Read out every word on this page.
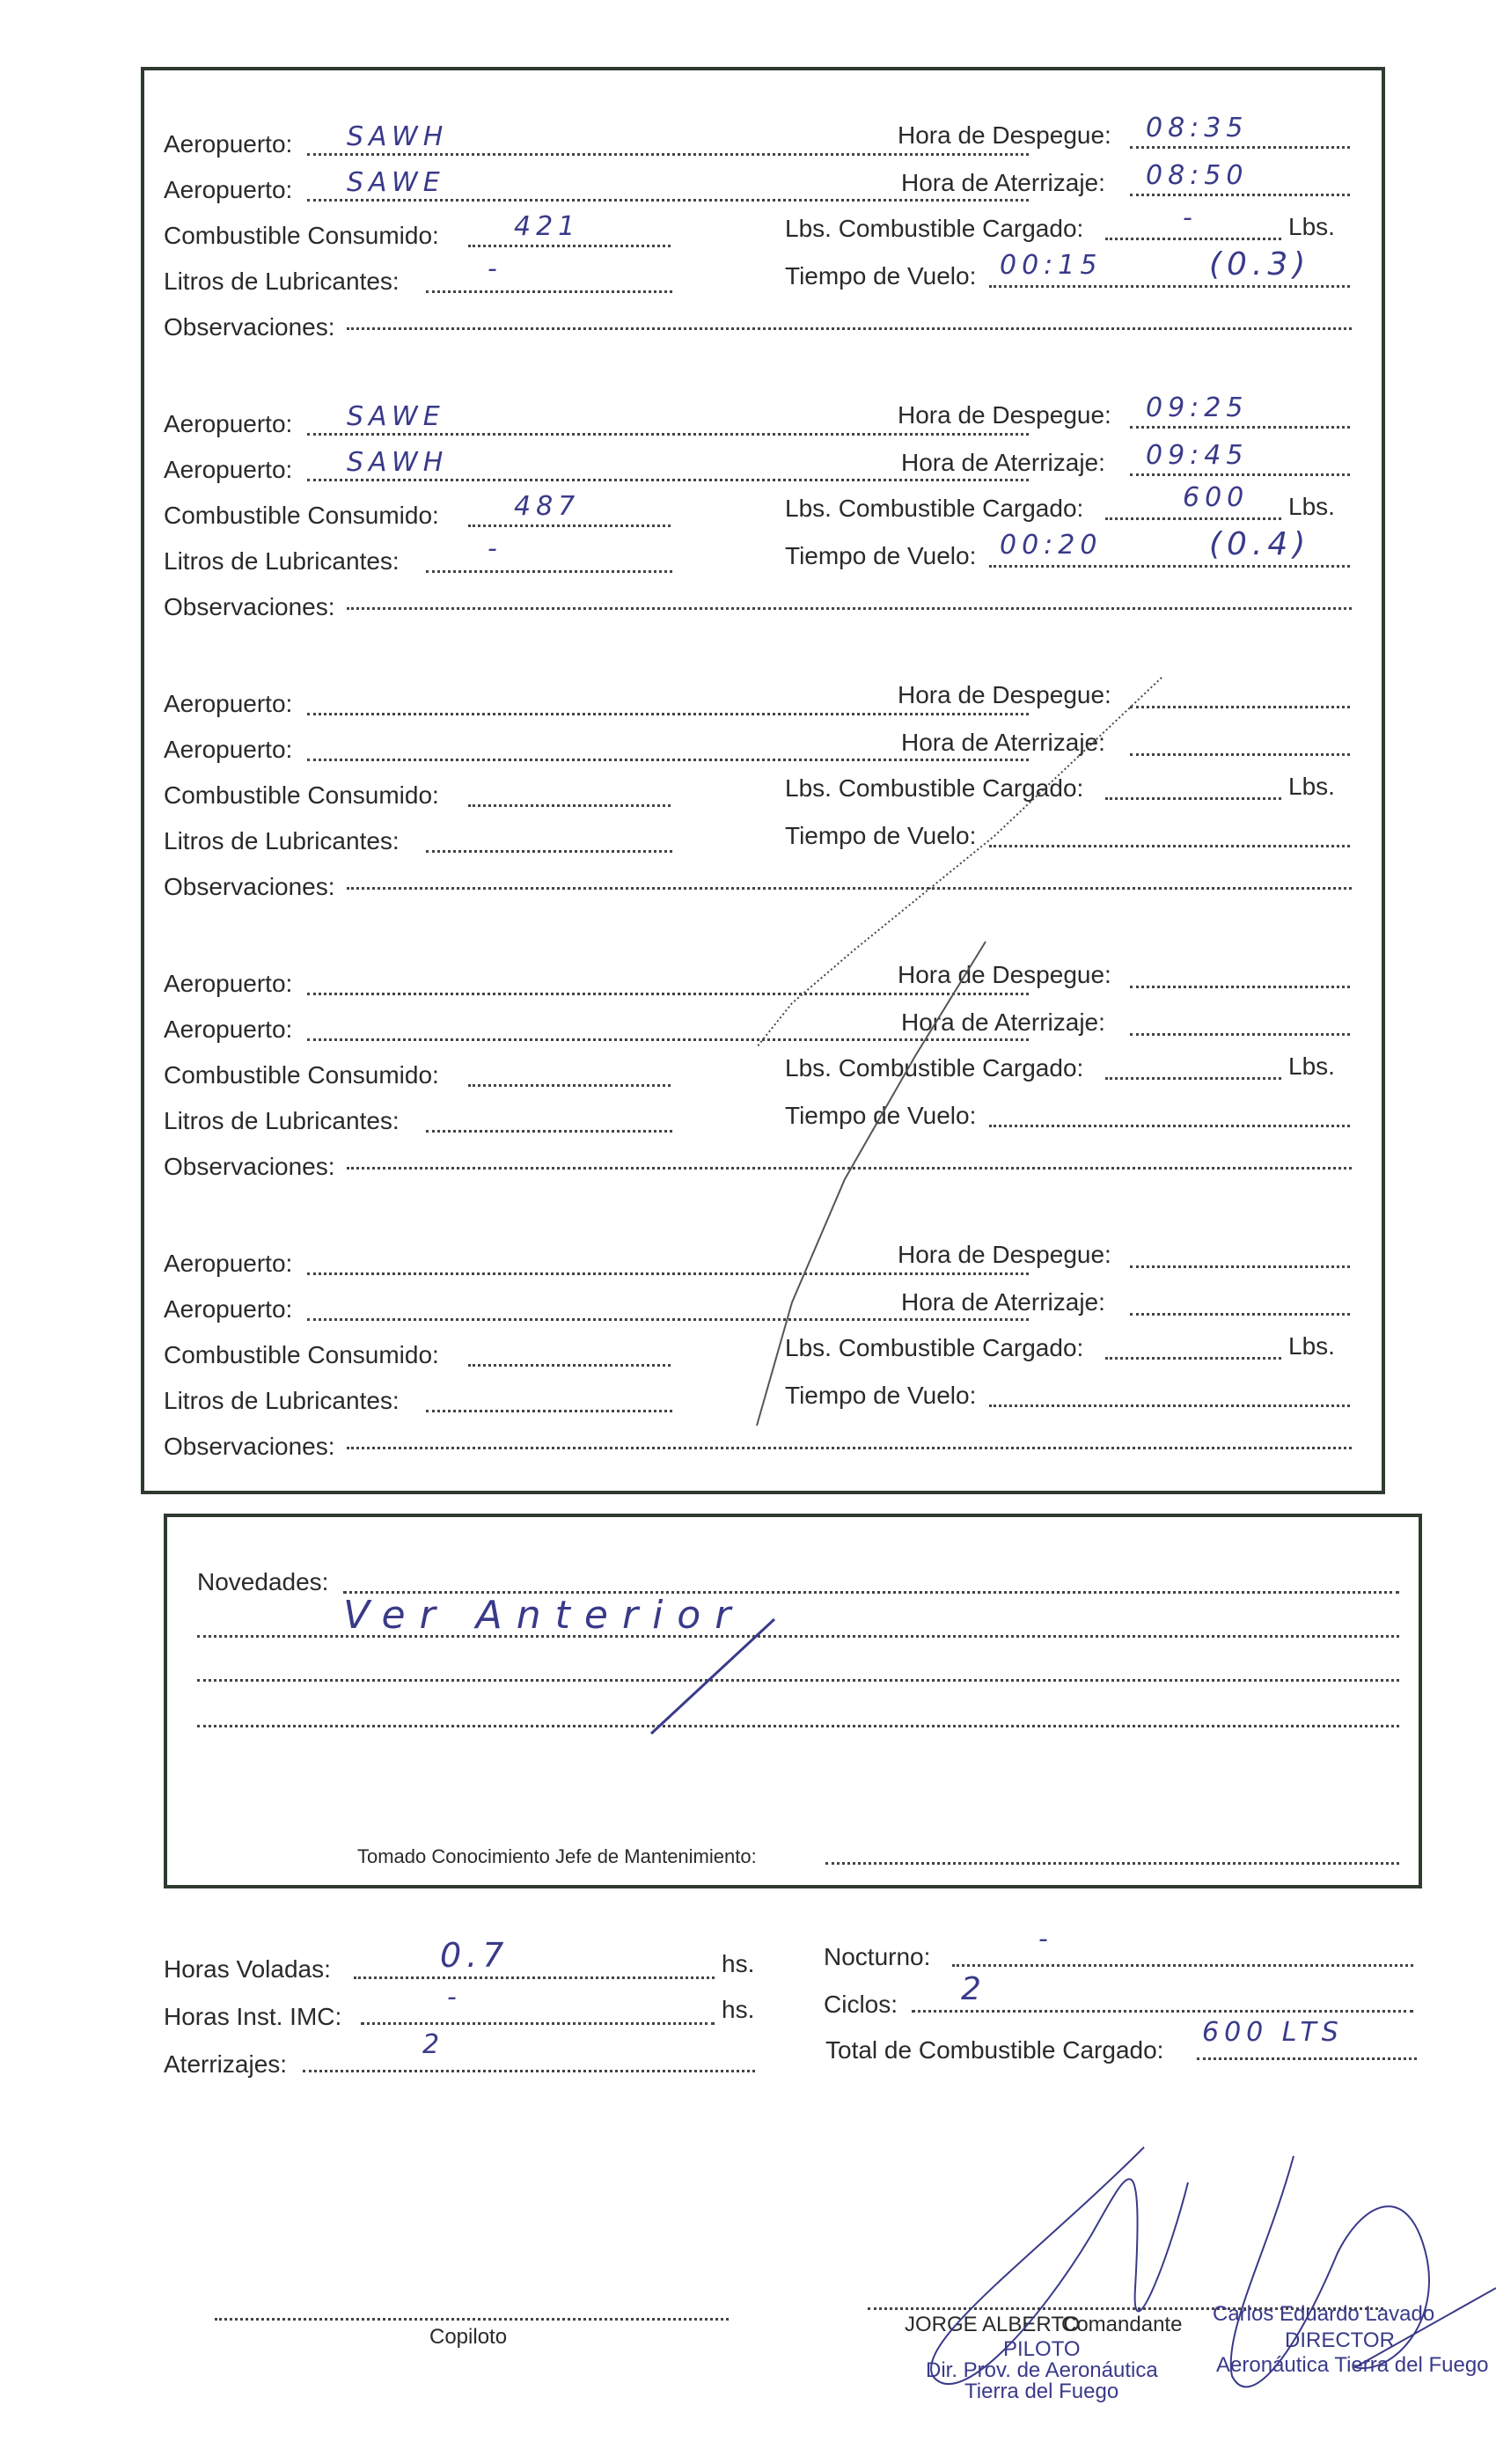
Aeropuerto: SAWH	Hora de Despegue: 08:35
Aeropuerto: SAWE	Hora de Aterrizaje: 08:50
Combustible Consumido:	421	Lbs. Combustible Cargado:	-	Lbs.
Litros de Lubricantes:	-	Tiempo de Vuelo: 00:15	(0.3)
Observaciones:
Aeropuerto: SAWE	Hora de Despegue: 09:25
Aeropuerto: SAWH	Hora de Aterrizaje: 09:45
Combustible Consumido:	487	Lbs. Combustible Cargado:	600 Lbs.
Litros de Lubricantes:	-	Tiempo de Vuelo: 00:20	(0.4)
Observaciones:
Aeropuerto:	Hora de Despegue:
Aeropuerto:	Hora de Aterrizaje:
Combustible Consumido:	Lbs. Combustible Cargado:	Lbs.
Litros de Lubricantes:	Tiempo de Vuelo:
Observaciones:
Aeropuerto:	Hora de Despegue:
Aeropuerto:	Hora de Aterrizaje:
Combustible Consumido:	Lbs. Combustible Cargado:	Lbs.
Litros de Lubricantes:	Tiempo de Vuelo:
Observaciones:
Aeropuerto:	Hora de Despegue:
Aeropuerto:	Hora de Aterrizaje:
Combustible Consumido:	Lbs. Combustible Cargado:	Lbs.
Litros de Lubricantes:	Tiempo de Vuelo:
Observaciones:
Novedades:
Ver Anterior
Tomado Conocimiento Jefe de Mantenimiento:
Horas Voladas:	0.7	hs.
Horas Inst. IMC:
-	hs.
Aterrizajes:
2
Nocturno:
-
Ciclos: 2
Total de Combustible Cargado:
600 LTS
Copiloto
JORGE ALBERTO
Comandante
PILOTO
Dir. Prov. de Aeronáutica
Tierra del Fuego
Carlos Eduardo Lavado
DIRECTOR
Aeronáutica Tierra del Fuego
